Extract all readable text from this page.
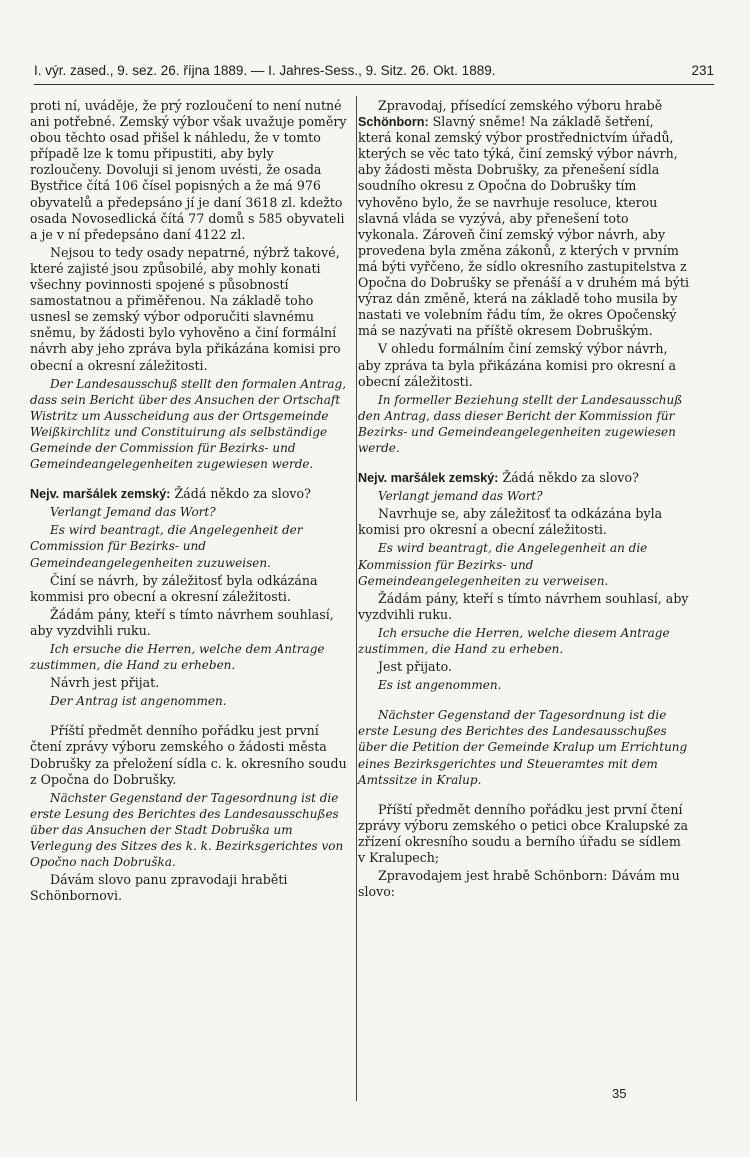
I. výr. zased., 9. sez. 26. října 1889. — I. Jahres-Sess., 9. Sitz. 26. Okt. 1889.	231

proti ní, uváděje, že prý rozloučení to není nutné ani potřebné. Zemský výbor však uvažuje poměry obou těchto osad přišel k náhledu, že v tomto případě lze k tomu připustiti, aby byly rozloučeny. Dovoluji si jenom uvésti, že osada Bystřice čítá 106 čísel popisných a že má 976 obyvatelů a předepsáno jí je daní 3618 zl. kdežto osada Novosedlická čítá 77 domů s 585 obyvateli a je v ní předepsáno daní 4122 zl.

Nejsou to tedy osady nepatrné, nýbrž takové, které zajisté jsou způsobilé, aby mohly konati všechny povinnosti spojené s působností samostatnou a přiměřenou. Na základě toho usnesl se zemský výbor odporučiti slavnému sněmu, by žádosti bylo vyhověno a činí formální návrh aby jeho zpráva byla přikázána komisi pro obecní a okresní záležitosti.

Der Landesausschuß stellt den formalen Antrag, dass sein Bericht über des Ansuchen der Ortschaft Wistritz um Ausscheidung aus der Ortsgemeinde Weißkirchlitz und Constituirung als selbständige Gemeinde der Commission für Bezirks- und Gemeindeangelegenheiten zugewiesen werde.

Nejv. maršálek zemský: Žádá někdo za slovo?

Verlangt Jemand das Wort?

Es wird beantragt, die Angelegenheit der Commission für Bezirks- und Gemeindeangelegenheiten zuzuweisen.

Činí se návrh, by záležitosť byla odkázána kommisi pro obecní a okresní záležitosti.

Žádám pány, kteří s tímto návrhem souhlasí, aby vyzdvihli ruku.

Ich ersuche die Herren, welche dem Antrage zustimmen, die Hand zu erheben.

Návrh jest přijat.

Der Antrag ist angenommen.

Příští předmět denního pořádku jest první čtení zprávy výboru zemského o žádosti města Dobrušky za přeložení sídla c. k. okresního soudu z Opočna do Dobrušky.

Nächster Gegenstand der Tagesordnung ist die erste Lesung des Berichtes des Landesausschußes über das Ansuchen der Stadt Dobruška um Verlegung des Sitzes des k. k. Bezirksgerichtes von Opočno nach Dobruška.

Dávám slovo panu zpravodaji hraběti Schönbornovi.

Zpravodaj, přísedící zemského výboru hrabě Schönborn: Slavný sněme! Na základě šetření, která konal zemský výbor prostřednictvím úřadů, kterých se věc tato týká, činí zemský výbor návrh, aby žádosti města Dobrušky, za přenešení sídla soudního okresu z Opočna do Dobrušky tím vyhověno bylo, že se navrhuje resoluce, kterou slavná vláda se vyzývá, aby přenešení toto vykonala. Zároveň činí zemský výbor návrh, aby provedena byla změna zákonů, z kterých v prvním má býti vyřčeno, že sídlo okresního zastupitelstva z Opočna do Dobrušky se přenáší a v druhém má býti výraz dán změně, která na základě toho musila by nastati ve volebním řádu tím, že okres Opočenský má se nazývati na příště okresem Dobruškým.

V ohledu formálním činí zemský výbor návrh, aby zpráva ta byla přikázána komisi pro okresní a obecní záležitosti.

In formeller Beziehung stellt der Landesausschuß den Antrag, dass dieser Bericht der Kommission für Bezirks- und Gemeindeangelegenheiten zugewiesen werde.

Nejv. maršálek zemský: Žádá někdo za slovo?

Verlangt jemand das Wort?

Navrhuje se, aby záležitosť ta odkázána byla komisi pro okresní a obecní záležitosti.

Es wird beantragt, die Angelegenheit an die Kommission für Bezirks- und Gemeindeangelegenheiten zu verweisen.

Žádám pány, kteří s tímto návrhem souhlasí, aby vyzdvihli ruku.

Ich ersuche die Herren, welche diesem Antrage zustimmen, die Hand zu erheben.

Jest přijato.

Es ist angenommen.

Nächster Gegenstand der Tagesordnung ist die erste Lesung des Berichtes des Landesausschußes über die Petition der Gemeinde Kralup um Errichtung eines Bezirksgerichtes und Steueramtes mit dem Amtssitze in Kralup.

Příští předmět denního pořádku jest první čtení zprávy výboru zemského o petici obce Kralupské za zřízení okresního soudu a berního úřadu se sídlem v Kralupech;

Zpravodajem jest hrabě Schönborn: Dávám mu slovo:

35
